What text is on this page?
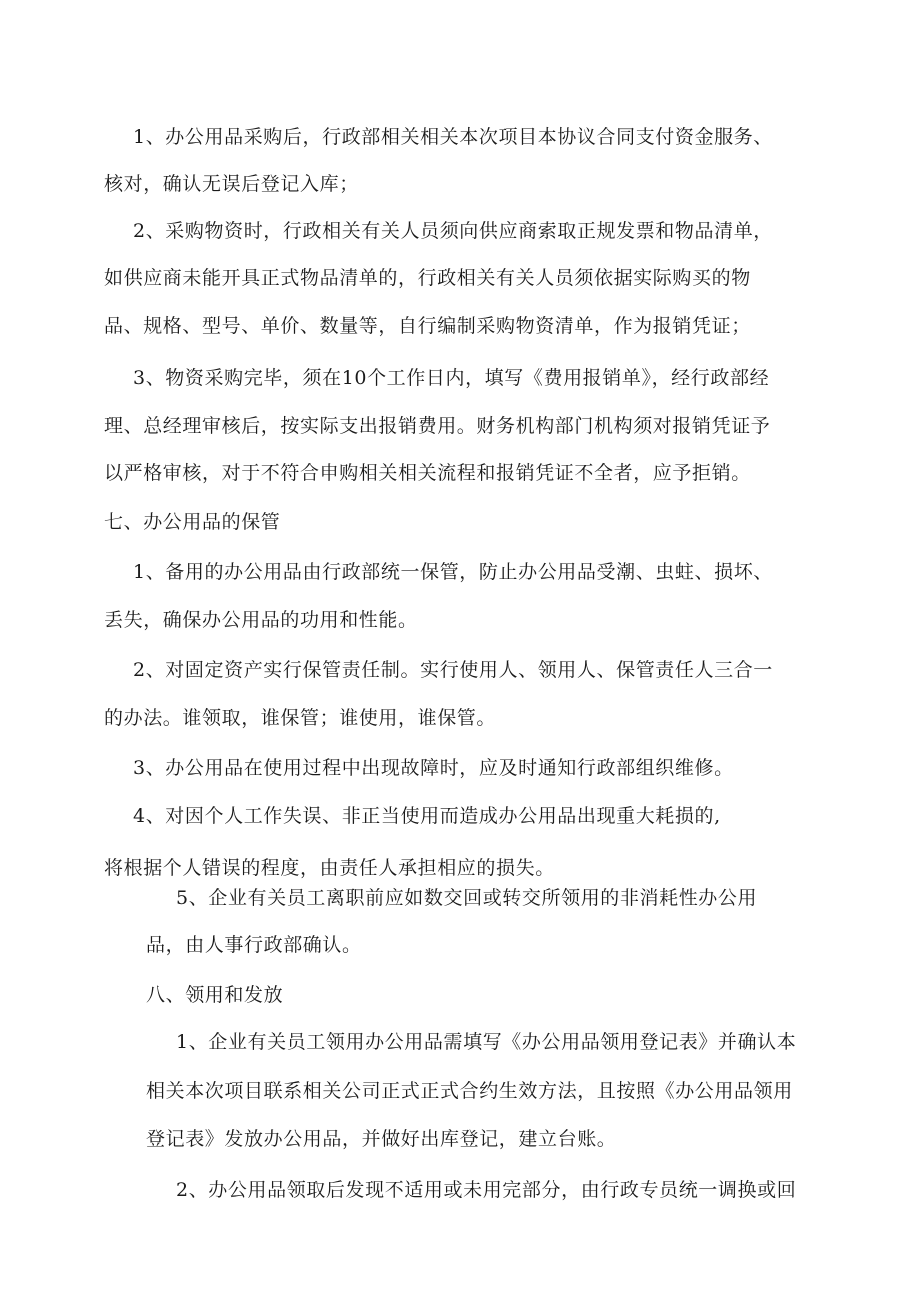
1、办公用品采购后，行政部相关相关本次项目本协议合同支付资金服务、
核对，确认无误后登记入库；
2、采购物资时，行政相关有关人员须向供应商索取正规发票和物品清单，
如供应商未能开具正式物品清单的，行政相关有关人员须依据实际购买的物
品、规格、型号、单价、数量等，自行编制采购物资清单，作为报销凭证；
3、物资采购完毕，须在10个工作日内，填写《费用报销单》，经行政部经
理、总经理审核后，按实际支出报销费用。财务机构部门机构须对报销凭证予
以严格审核，对于不符合申购相关相关流程和报销凭证不全者，应予拒销。
七、办公用品的保管
1、备用的办公用品由行政部统一保管，防止办公用品受潮、虫蛀、损坏、
丢失，确保办公用品的功用和性能。
2、对固定资产实行保管责任制。实行使用人、领用人、保管责任人三合一
的办法。谁领取，谁保管；谁使用，谁保管。
3、办公用品在使用过程中出现故障时，应及时通知行政部组织维修。
4、对因个人工作失误、非正当使用而造成办公用品出现重大耗损的,
将根据个人错误的程度，由责任人承担相应的损失。
5、企业有关员工离职前应如数交回或转交所领用的非消耗性办公用
品，由人事行政部确认。
八、领用和发放
1、企业有关员工领用办公用品需填写《办公用品领用登记表》并确认本
相关本次项目联系相关公司正式正式合约生效方法，且按照《办公用品领用
登记表》发放办公用品，并做好出库登记，建立台账。
2、办公用品领取后发现不适用或未用完部分，由行政专员统一调换或回
